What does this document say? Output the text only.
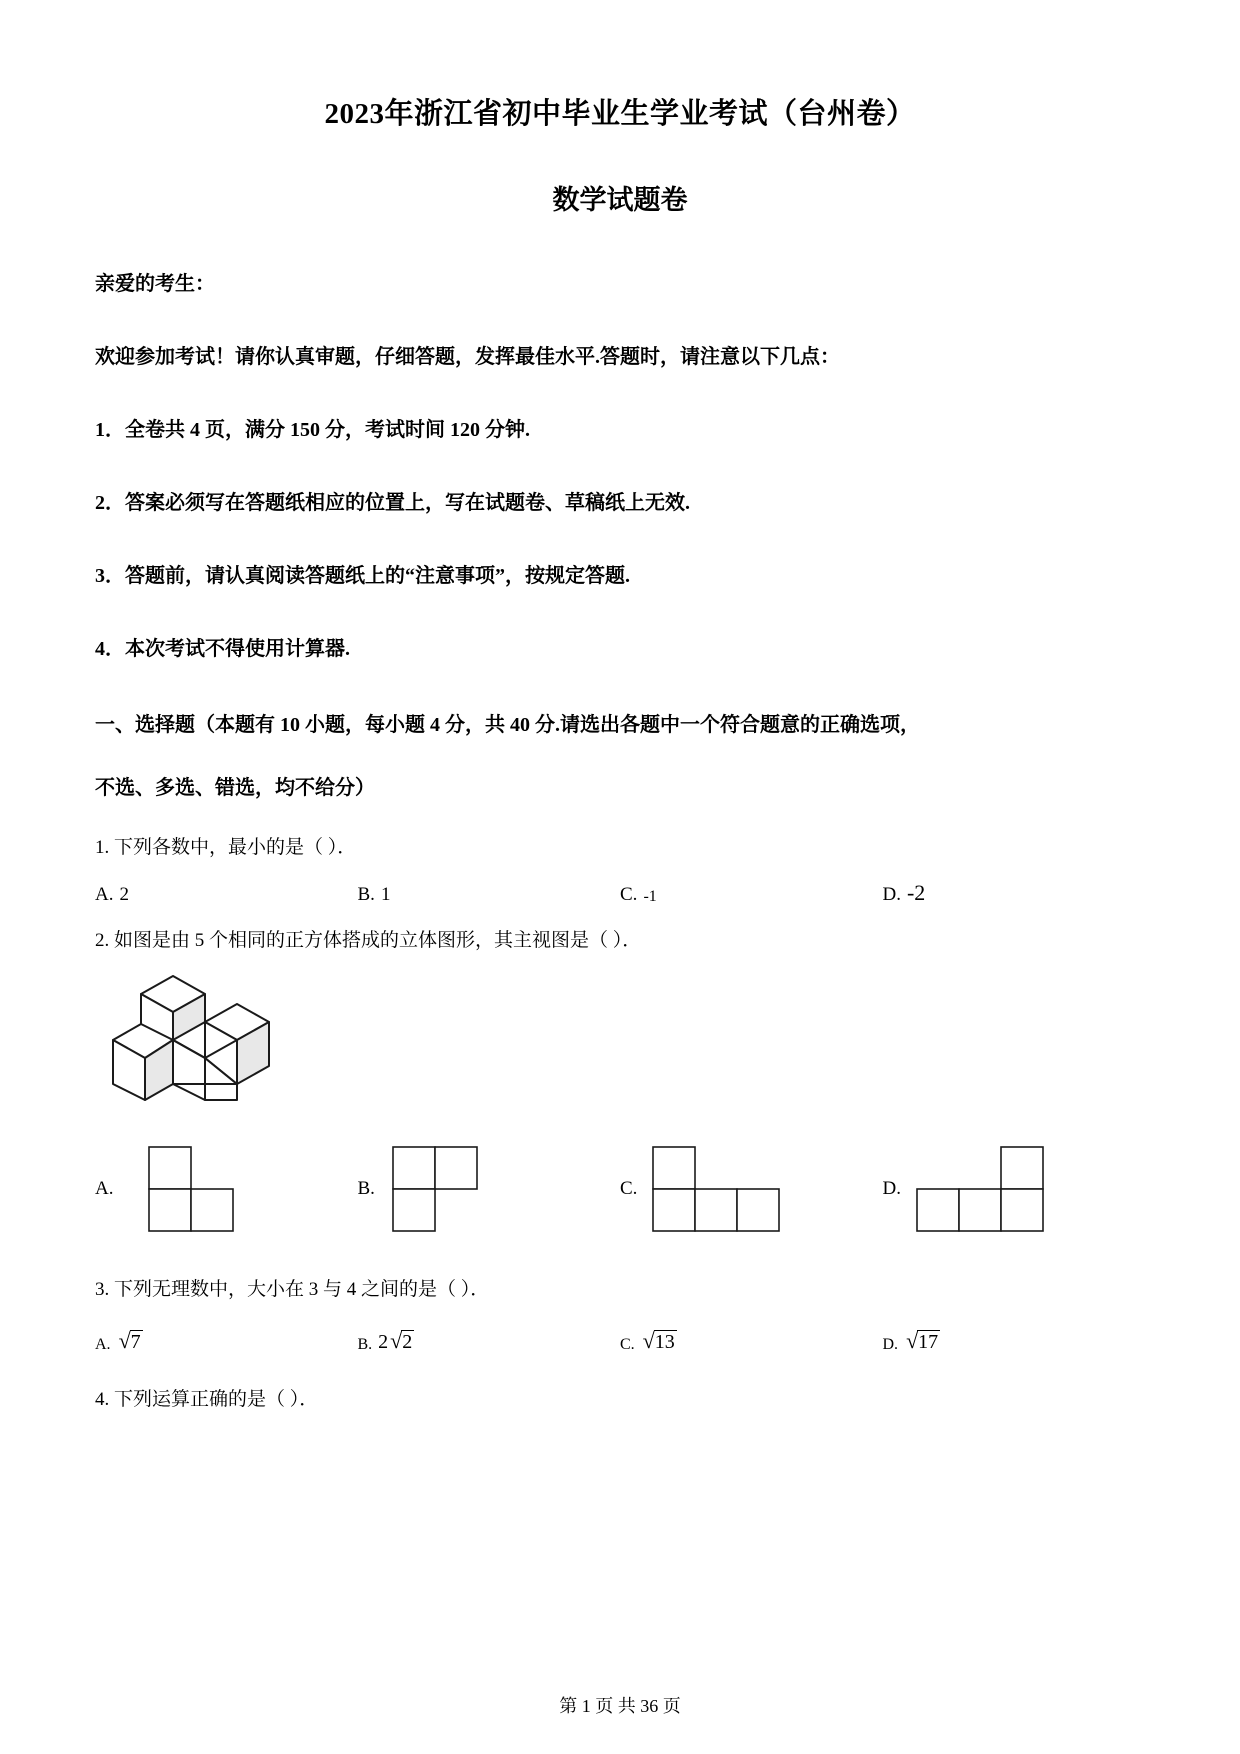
2023年浙江省初中毕业生学业考试（台州卷）
数学试题卷

亲爱的考生：

欢迎参加考试！请你认真审题，仔细答题，发挥最佳水平.答题时，请注意以下几点：

1．全卷共 4 页，满分 150 分，考试时间 120 分钟.

2．答案必须写在答题纸相应的位置上，写在试题卷、草稿纸上无效.

3．答题前，请认真阅读答题纸上的“注意事项”，按规定答题.

4．本次考试不得使用计算器.

一、选择题（本题有 10 小题，每小题 4 分，共 40 分.请选出各题中一个符合题意的正确选项，

不选、多选、错选，均不给分）

1. 下列各数中，最小的是（ ）．

A. 2	B. 1	C. -1	D. -2

2. 如图是由 5 个相同的正方体搭成的立体图形，其主视图是（ ）．

A.	B.	C.	D.

3. 下列无理数中，大小在 3 与 4 之间的是（ ）．

A. √7	B. 2 √2	C. √13	D. √17

4. 下列运算正确的是（ ）．

第 1 页 共 36 页
